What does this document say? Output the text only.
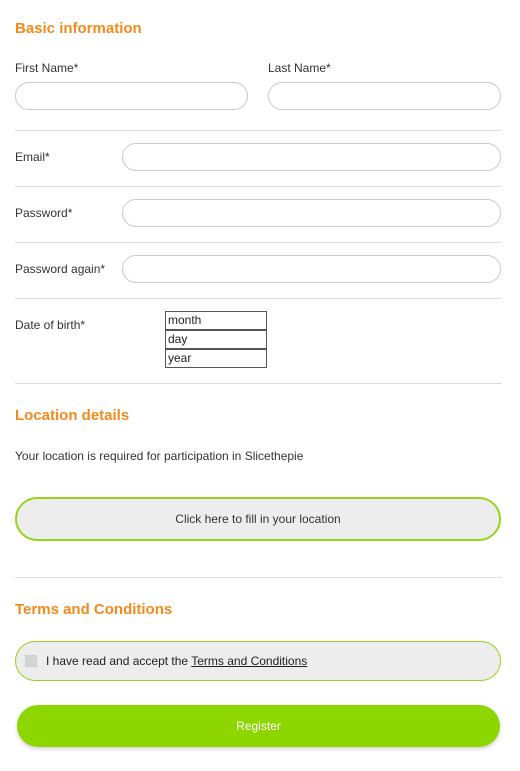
Basic information
First Name*	Last Name*
Email*
Password*
Password again*
Date of birth*	month
day
year
Location details
Your location is required for participation in Slicethepie
Click here to fill in your location
Terms and Conditions
I have read and accept the Terms and Conditions
Register
